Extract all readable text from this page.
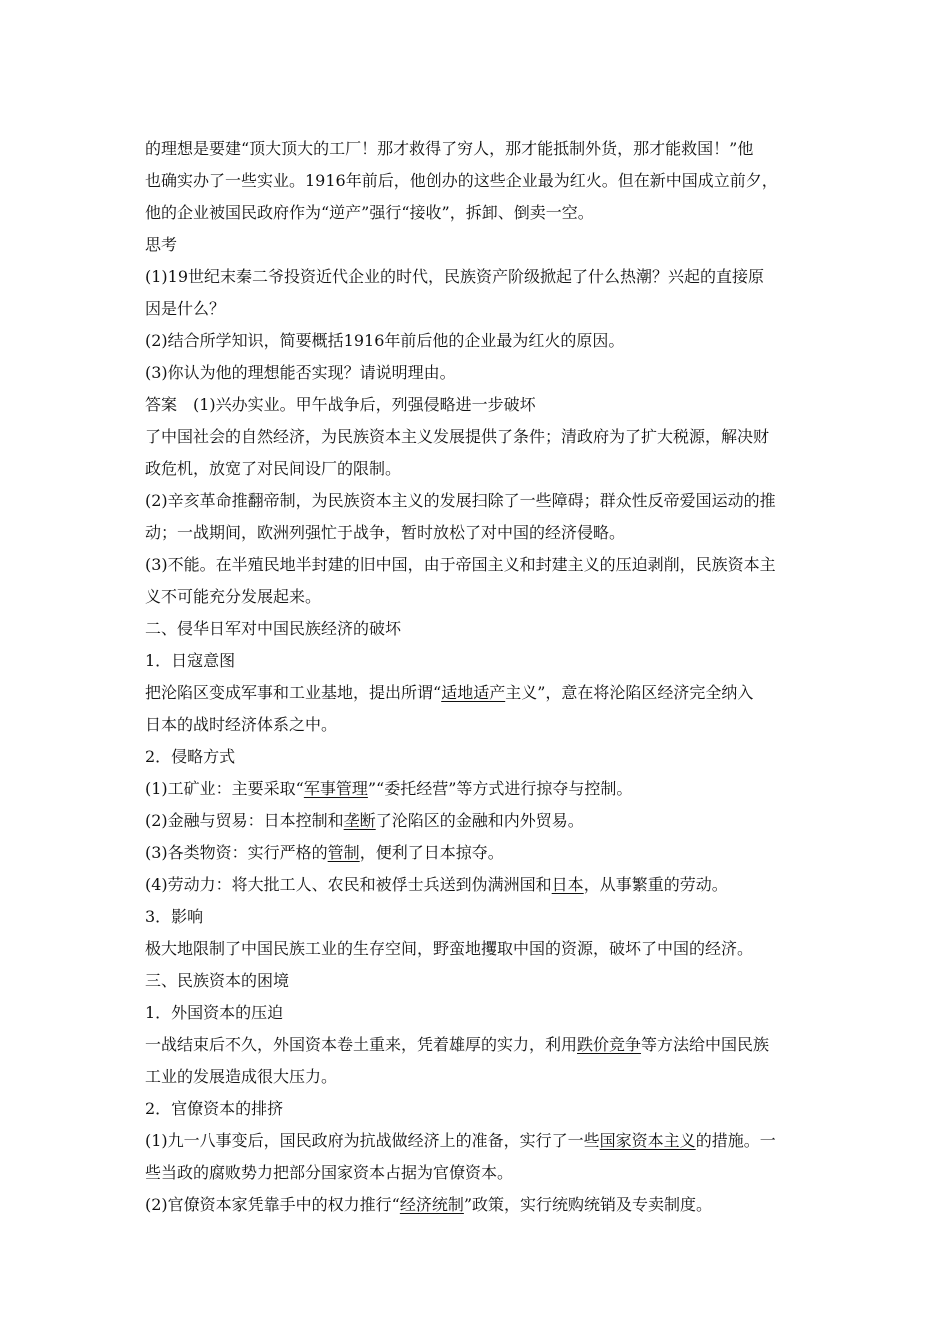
的理想是要建“顶大顶大的工厂！那才救得了穷人，那才能抵制外货，那才能救国！”他
也确实办了一些实业。1916年前后，他创办的这些企业最为红火。但在新中国成立前夕，
他的企业被国民政府作为“逆产”强行“接收”，拆卸、倒卖一空。
思考
(1)19世纪末秦二爷投资近代企业的时代，民族资产阶级掀起了什么热潮？兴起的直接原
因是什么？
(2)结合所学知识，简要概括1916年前后他的企业最为红火的原因。
(3)你认为他的理想能否实现？请说明理由。
答案　(1)兴办实业。甲午战争后，列强侵略进一步破坏
了中国社会的自然经济，为民族资本主义发展提供了条件；清政府为了扩大税源，解决财
政危机，放宽了对民间设厂的限制。
(2)辛亥革命推翻帝制，为民族资本主义的发展扫除了一些障碍；群众性反帝爱国运动的推
动；一战期间，欧洲列强忙于战争，暂时放松了对中国的经济侵略。
(3)不能。在半殖民地半封建的旧中国，由于帝国主义和封建主义的压迫剥削，民族资本主
义不可能充分发展起来。
二、侵华日军对中国民族经济的破坏
1．日寇意图
把沦陷区变成军事和工业基地，提出所谓“适地适产主义”，意在将沦陷区经济完全纳入
日本的战时经济体系之中。
2．侵略方式
(1)工矿业：主要采取“军事管理”“委托经营”等方式进行掠夺与控制。
(2)金融与贸易：日本控制和垄断了沦陷区的金融和内外贸易。
(3)各类物资：实行严格的管制，便利了日本掠夺。
(4)劳动力：将大批工人、农民和被俘士兵送到伪满洲国和日本，从事繁重的劳动。
3．影响
极大地限制了中国民族工业的生存空间，野蛮地攫取中国的资源，破坏了中国的经济。
三、民族资本的困境
1．外国资本的压迫
一战结束后不久，外国资本卷土重来，凭着雄厚的实力，利用跌价竞争等方法给中国民族
工业的发展造成很大压力。
2．官僚资本的排挤
(1)九一八事变后，国民政府为抗战做经济上的准备，实行了一些国家资本主义的措施。一
些当政的腐败势力把部分国家资本占据为官僚资本。
(2)官僚资本家凭靠手中的权力推行“经济统制”政策，实行统购统销及专卖制度。
